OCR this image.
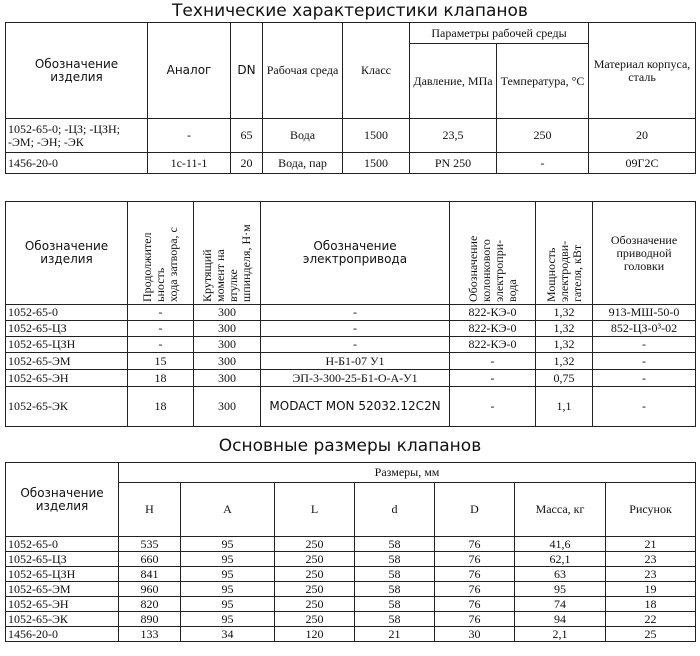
Технические характеристики клапанов
Обозначение изделия	Аналог	DN	Рабочая среда	Класс	Параметры рабочей среды		Материал корпуса, сталь
					Давление, МПа	Температура, °C	
1052-65-0; -ЦЗ; -ЦЗН; -ЭМ; -ЭН; -ЭК	-	65	Вода	1500	23,5	250	20
1456-20-0	1с-11-1	20	Вода, пар	1500	PN 250	-	09Г2С
Обозначение изделия	Продолжител
ьность
хода затвора, с	Крутящий
момент на
втулке
шпинделя, Н·м	Обозначение электропривода	Обозначение
колонкового
электропри-
вода	Мощность
электродви-
гателя, кВт	Обозначение приводной головки
1052-65-0	-	300	-	822-КЭ-0	1,32	913-МШ-50-0
1052-65-ЦЗ	-	300	-	822-КЭ-0	1,32	852-ЦЗ-0³-02
1052-65-ЦЗН	-	300	-	822-КЭ-0	1,32	-
1052-65-ЭМ	15	300	Н-Б1-07 У1	-	1,32	-
1052-65-ЭН	18	300	ЭП-3-300-25-Б1-О-А-У1	-	0,75	-
1052-65-ЭК	18	300	MODACT MON 52032.12C2N	-	1,1	-
Основные размеры клапанов
Обозначение изделия	Размеры, мм						
	H	A	L	d	D	Масса, кг	Рисунок
1052-65-0	535	95	250	58	76	41,6	21
1052-65-ЦЗ	660	95	250	58	76	62,1	23
1052-65-ЦЗН	841	95	250	58	76	63	23
1052-65-ЭМ	960	95	250	58	76	95	19
1052-65-ЭН	820	95	250	58	76	74	18
1052-65-ЭК	890	95	250	58	76	94	22
1456-20-0	133	34	120	21	30	2,1	25
